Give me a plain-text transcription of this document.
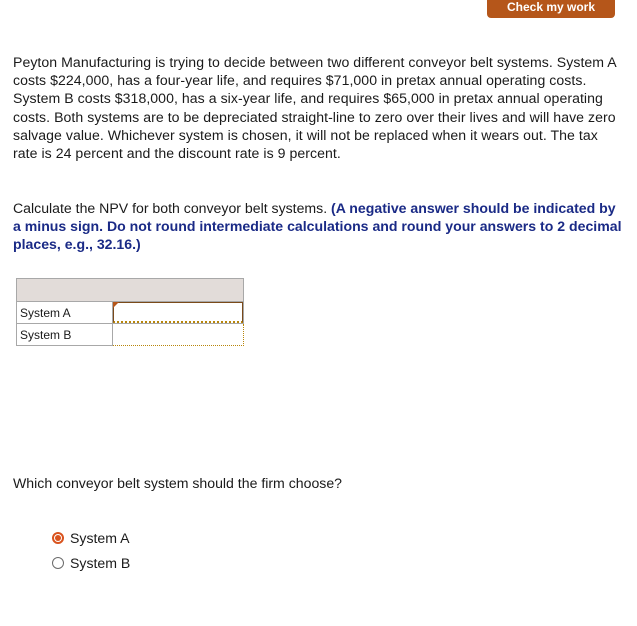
Check my work

Peyton Manufacturing is trying to decide between two different conveyor belt systems. System A costs $224,000, has a four-year life, and requires $71,000 in pretax annual operating costs. System B costs $318,000, has a six-year life, and requires $65,000 in pretax annual operating costs. Both systems are to be depreciated straight-line to zero over their lives and will have zero salvage value. Whichever system is chosen, it will not be replaced when it wears out. The tax rate is 24 percent and the discount rate is 9 percent.

Calculate the NPV for both conveyor belt systems. (A negative answer should be indicated by a minus sign. Do not round intermediate calculations and round your answers to 2 decimal places, e.g., 32.16.)

System A	

System B	

Which conveyor belt system should the firm choose?

System A
System B
